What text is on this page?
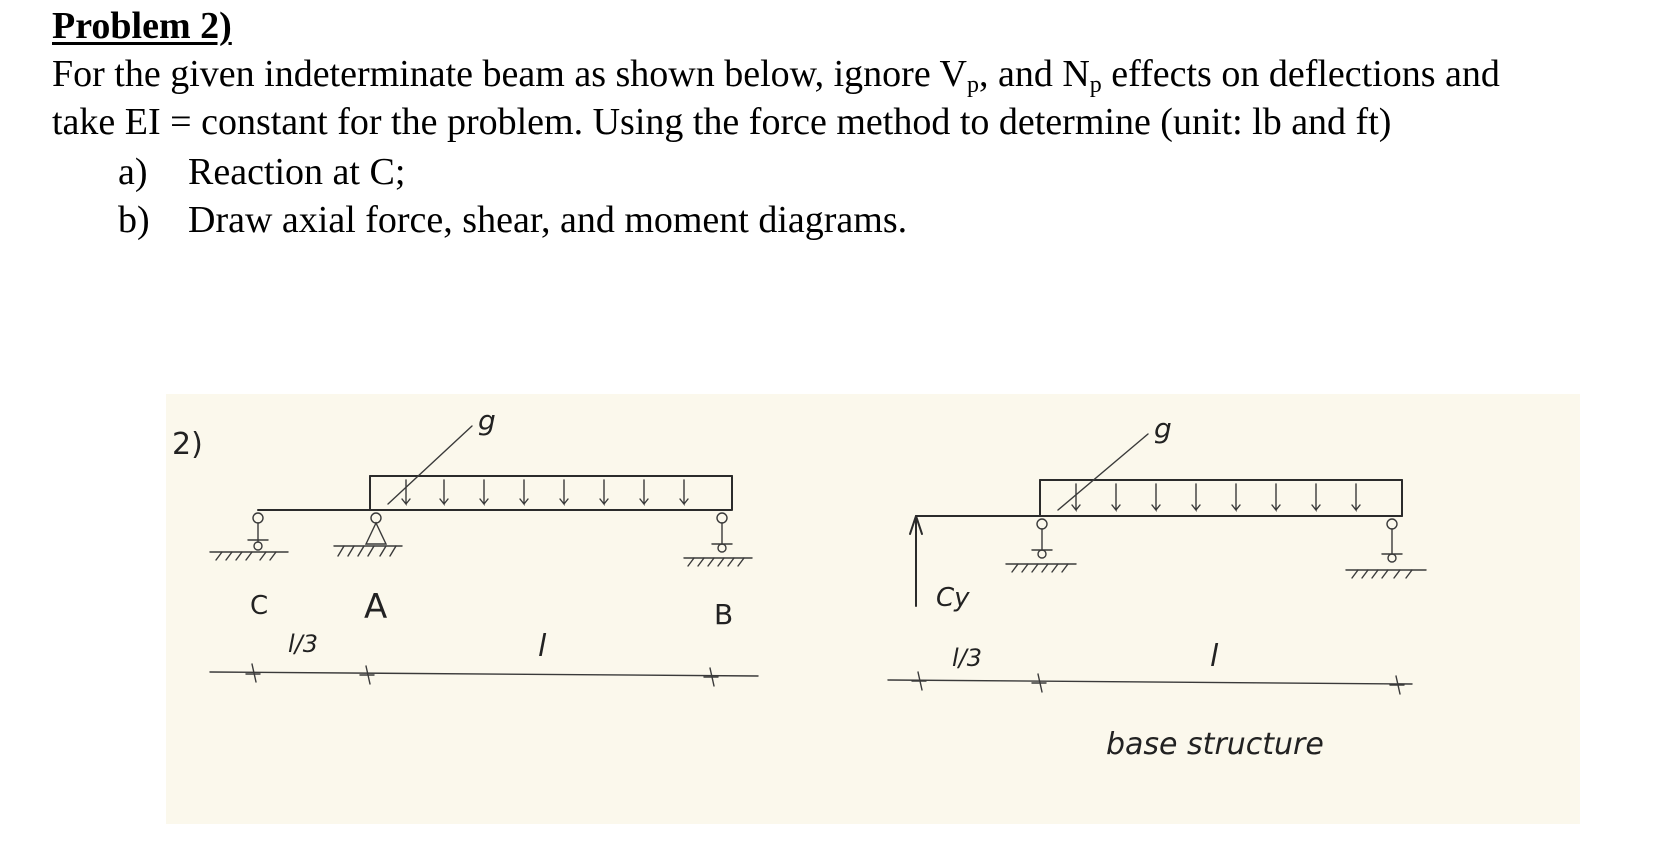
Problem 2)
For the given indeterminate beam as shown below, ignore $V_p$, and $N_p$ effects on deflections and
take EI = constant for the problem. Using the force method to determine (unit: lb and ft)
a)	Reaction at C;
b)	Draw axial force, shear, and moment diagrams.
2)
g
C	A	B
l/3	l
Cy
g
l/3	l
base structure
